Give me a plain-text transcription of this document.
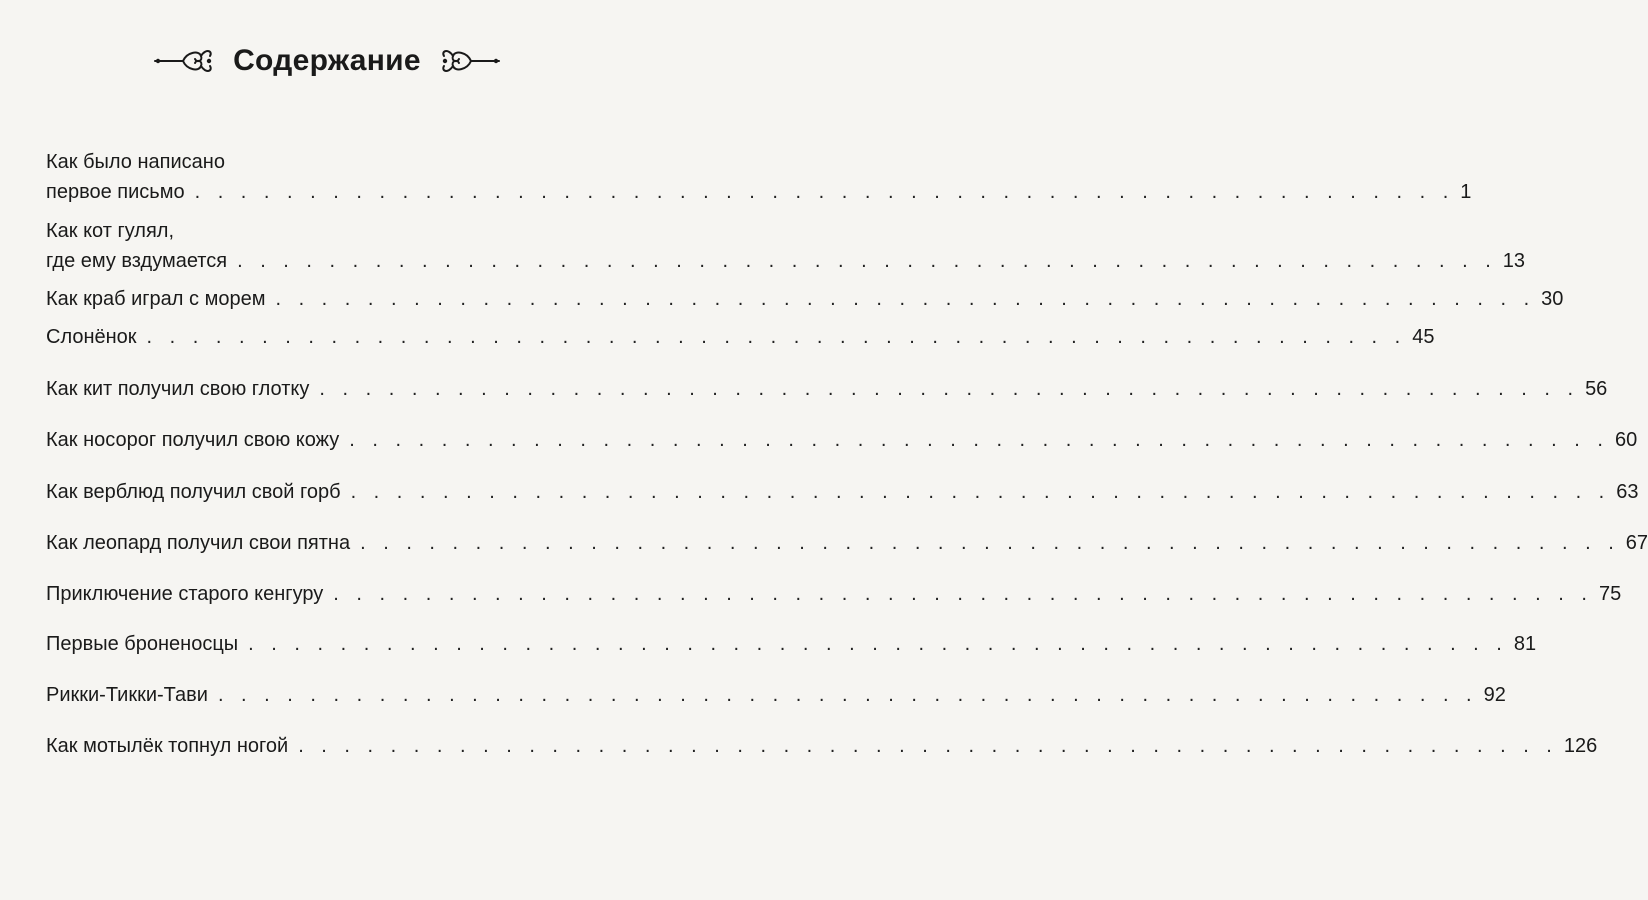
Содержание
Как было написано
первое письмо . . . . . . . . . . . . . . . . . . . . . . . . . . . . . . . . . . . . . . . . . . . . . . . . . . . . . . . 1
Как кот гулял,
где ему вздумается . . . . . . . . . . . . . . . . . . . . . . . . . . . . . . . . . . . . . . . . . . . . . . . . . . . . . . . 13
Как краб играл с морем . . . . . . . . . . . . . . . . . . . . . . . . . . . . . . . . . . . . . . . . . . . . . . . . . . . . . . . 30
Слонёнок . . . . . . . . . . . . . . . . . . . . . . . . . . . . . . . . . . . . . . . . . . . . . . . . . . . . . . . 45
Как кит получил свою глотку . . . . . . . . . . . . . . . . . . . . . . . . . . . . . . . . . . . . . . . . . . . . . . . . . . . . . . . 56
Как носорог получил свою кожу . . . . . . . . . . . . . . . . . . . . . . . . . . . . . . . . . . . . . . . . . . . . . . . . . . . . . . . 60
Как верблюд получил свой горб . . . . . . . . . . . . . . . . . . . . . . . . . . . . . . . . . . . . . . . . . . . . . . . . . . . . . . . 63
Как леопард получил свои пятна . . . . . . . . . . . . . . . . . . . . . . . . . . . . . . . . . . . . . . . . . . . . . . . . . . . . . . . 67
Приключение старого кенгуру . . . . . . . . . . . . . . . . . . . . . . . . . . . . . . . . . . . . . . . . . . . . . . . . . . . . . . . 75
Первые броненосцы . . . . . . . . . . . . . . . . . . . . . . . . . . . . . . . . . . . . . . . . . . . . . . . . . . . . . . . 81
Рикки-Тикки-Тави . . . . . . . . . . . . . . . . . . . . . . . . . . . . . . . . . . . . . . . . . . . . . . . . . . . . . . . 92
Как мотылёк топнул ногой . . . . . . . . . . . . . . . . . . . . . . . . . . . . . . . . . . . . . . . . . . . . . . . . . . . . . . . 126
